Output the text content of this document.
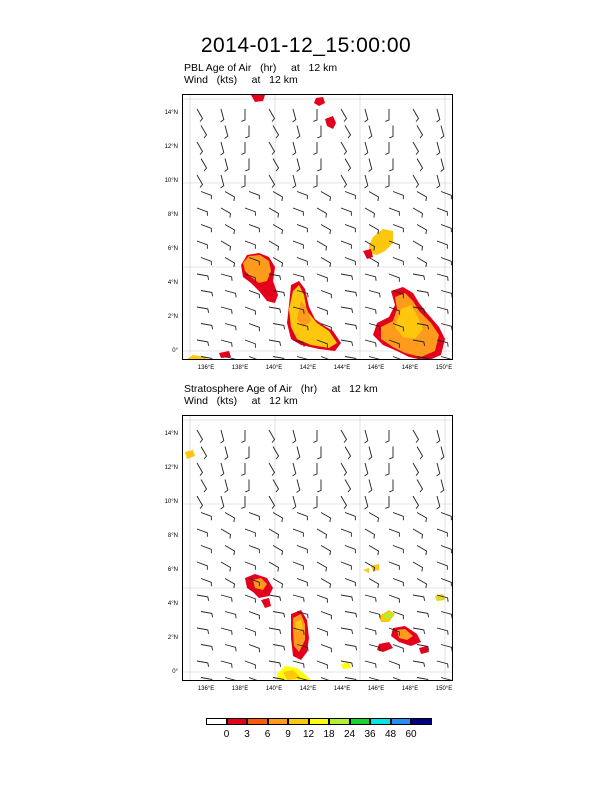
2014-01-12_15:00:00
PBL Age of Air   (hr)     at   12 km
Wind   (kts)     at   12 km
Stratosphere Age of Air   (hr)     at   12 km
Wind   (kts)     at   12 km
0	3	6	9	12 18 24 36 48 60
14°N
12°N
10°N
8°N
6°N
4°N
2°N
0°
136°E	138°E	140°E	142°E	144°E	146°E	148°E	150°E
14°N
12°N
10°N
8°N
6°N
4°N
2°N
0°
136°E	138°E	140°E	142°E	144°E	146°E	148°E	150°E
